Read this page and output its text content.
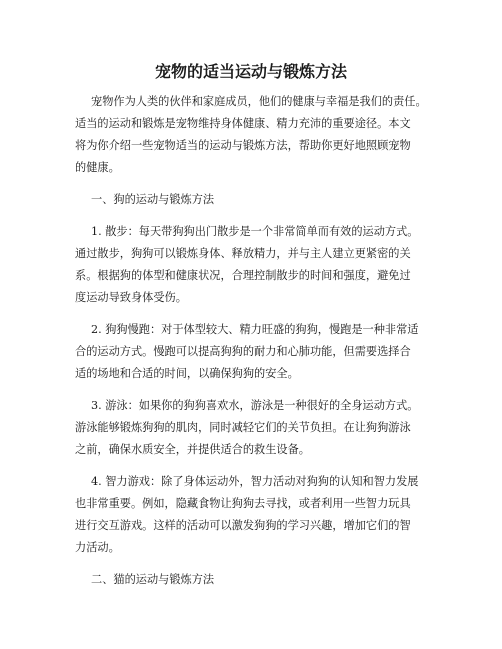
宠物的适当运动与锻炼方法

宠物作为人类的伙伴和家庭成员，他们的健康与幸福是我们的责任。

适当的运动和锻炼是宠物维持身体健康、精力充沛的重要途径。本文

将为你介绍一些宠物适当的运动与锻炼方法，帮助你更好地照顾宠物

的健康。

一、狗的运动与锻炼方法

1. 散步：每天带狗狗出门散步是一个非常简单而有效的运动方式。

通过散步，狗狗可以锻炼身体、释放精力，并与主人建立更紧密的关

系。根据狗的体型和健康状况，合理控制散步的时间和强度，避免过

度运动导致身体受伤。

2. 狗狗慢跑：对于体型较大、精力旺盛的狗狗，慢跑是一种非常适

合的运动方式。慢跑可以提高狗狗的耐力和心肺功能，但需要选择合

适的场地和合适的时间，以确保狗狗的安全。

3. 游泳：如果你的狗狗喜欢水，游泳是一种很好的全身运动方式。

游泳能够锻炼狗狗的肌肉，同时减轻它们的关节负担。在让狗狗游泳

之前，确保水质安全，并提供适合的救生设备。

4. 智力游戏：除了身体运动外，智力活动对狗狗的认知和智力发展

也非常重要。例如，隐藏食物让狗狗去寻找，或者利用一些智力玩具

进行交互游戏。这样的活动可以激发狗狗的学习兴趣，增加它们的智

力活动。

二、猫的运动与锻炼方法
